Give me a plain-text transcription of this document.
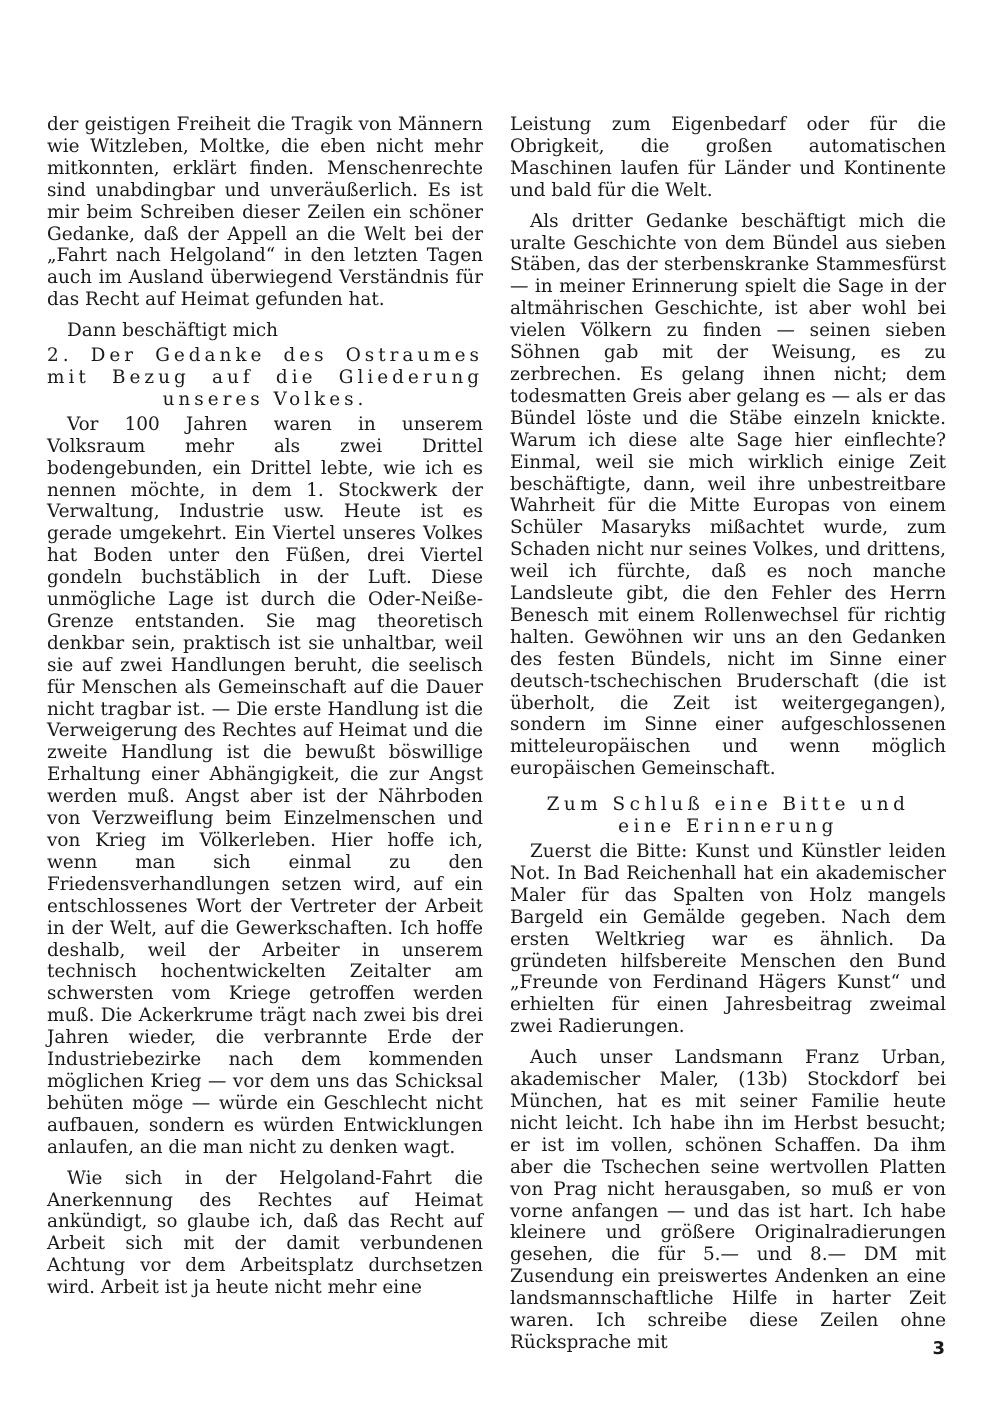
der geistigen Freiheit die Tragik von Männern wie Witzleben, Moltke, die eben nicht mehr mitkonnten, erklärt finden. Menschenrechte sind unabdingbar und unveräußerlich. Es ist mir beim Schreiben dieser Zeilen ein schöner Gedanke, daß der Appell an die Welt bei der „Fahrt nach Helgoland“ in den letzten Tagen auch im Ausland überwiegend Verständnis für das Recht auf Heimat gefunden hat.

Dann beschäftigt mich

2. Der Gedanke des Ostraumes
mit Bezug auf die Gliederung
unseres Volkes.

Vor 100 Jahren waren in unserem Volksraum mehr als zwei Drittel bodengebunden, ein Drittel lebte, wie ich es nennen möchte, in dem 1. Stockwerk der Verwaltung, Industrie usw. Heute ist es gerade umgekehrt. Ein Viertel unseres Volkes hat Boden unter den Füßen, drei Viertel gondeln buchstäblich in der Luft. Diese unmögliche Lage ist durch die Oder-Neiße-Grenze entstanden. Sie mag theoretisch denkbar sein, praktisch ist sie unhaltbar, weil sie auf zwei Handlungen beruht, die seelisch für Menschen als Gemeinschaft auf die Dauer nicht tragbar ist. — Die erste Handlung ist die Verweigerung des Rechtes auf Heimat und die zweite Handlung ist die bewußt böswillige Erhaltung einer Abhängigkeit, die zur Angst werden muß. Angst aber ist der Nährboden von Verzweiflung beim Einzelmenschen und von Krieg im Völkerleben. Hier hoffe ich, wenn man sich einmal zu den Friedensverhandlungen setzen wird, auf ein entschlossenes Wort der Vertreter der Arbeit in der Welt, auf die Gewerkschaften. Ich hoffe deshalb, weil der Arbeiter in unserem technisch hochentwickelten Zeitalter am schwersten vom Kriege getroffen werden muß. Die Ackerkrume trägt nach zwei bis drei Jahren wieder, die verbrannte Erde der Industriebezirke nach dem kommenden möglichen Krieg — vor dem uns das Schicksal behüten möge — würde ein Geschlecht nicht aufbauen, sondern es würden Entwicklungen anlaufen, an die man nicht zu denken wagt.

Wie sich in der Helgoland-Fahrt die Anerkennung des Rechtes auf Heimat ankündigt, so glaube ich, daß das Recht auf Arbeit sich mit der damit verbundenen Achtung vor dem Arbeitsplatz durchsetzen wird. Arbeit ist ja heute nicht mehr eine

Leistung zum Eigenbedarf oder für die Obrigkeit, die großen automatischen Maschinen laufen für Länder und Kontinente und bald für die Welt.

Als dritter Gedanke beschäftigt mich die uralte Geschichte von dem Bündel aus sieben Stäben, das der sterbenskranke Stammesfürst — in meiner Erinnerung spielt die Sage in der altmährischen Geschichte, ist aber wohl bei vielen Völkern zu finden — seinen sieben Söhnen gab mit der Weisung, es zu zerbrechen. Es gelang ihnen nicht; dem todesmatten Greis aber gelang es — als er das Bündel löste und die Stäbe einzeln knickte. Warum ich diese alte Sage hier einflechte? Einmal, weil sie mich wirklich einige Zeit beschäftigte, dann, weil ihre unbestreitbare Wahrheit für die Mitte Europas von einem Schüler Masaryks mißachtet wurde, zum Schaden nicht nur seines Volkes, und drittens, weil ich fürchte, daß es noch manche Landsleute gibt, die den Fehler des Herrn Benesch mit einem Rollenwechsel für richtig halten. Gewöhnen wir uns an den Gedanken des festen Bündels, nicht im Sinne einer deutsch-tschechischen Bruderschaft (die ist überholt, die Zeit ist weitergegangen), sondern im Sinne einer aufgeschlossenen mitteleuropäischen und wenn möglich europäischen Gemeinschaft.

Zum Schluß eine Bitte und
eine Erinnerung

Zuerst die Bitte: Kunst und Künstler leiden Not. In Bad Reichenhall hat ein akademischer Maler für das Spalten von Holz mangels Bargeld ein Gemälde gegeben. Nach dem ersten Weltkrieg war es ähnlich. Da gründeten hilfsbereite Menschen den Bund „Freunde von Ferdinand Hägers Kunst“ und erhielten für einen Jahresbeitrag zweimal zwei Radierungen.

Auch unser Landsmann Franz Urban, akademischer Maler, (13b) Stockdorf bei München, hat es mit seiner Familie heute nicht leicht. Ich habe ihn im Herbst besucht; er ist im vollen, schönen Schaffen. Da ihm aber die Tschechen seine wertvollen Platten von Prag nicht herausgaben, so muß er von vorne anfangen — und das ist hart. Ich habe kleinere und größere Originalradierungen gesehen, die für 5.— und 8.— DM mit Zusendung ein preiswertes Andenken an eine landsmannschaftliche Hilfe in harter Zeit waren. Ich schreibe diese Zeilen ohne Rücksprache mit	3
